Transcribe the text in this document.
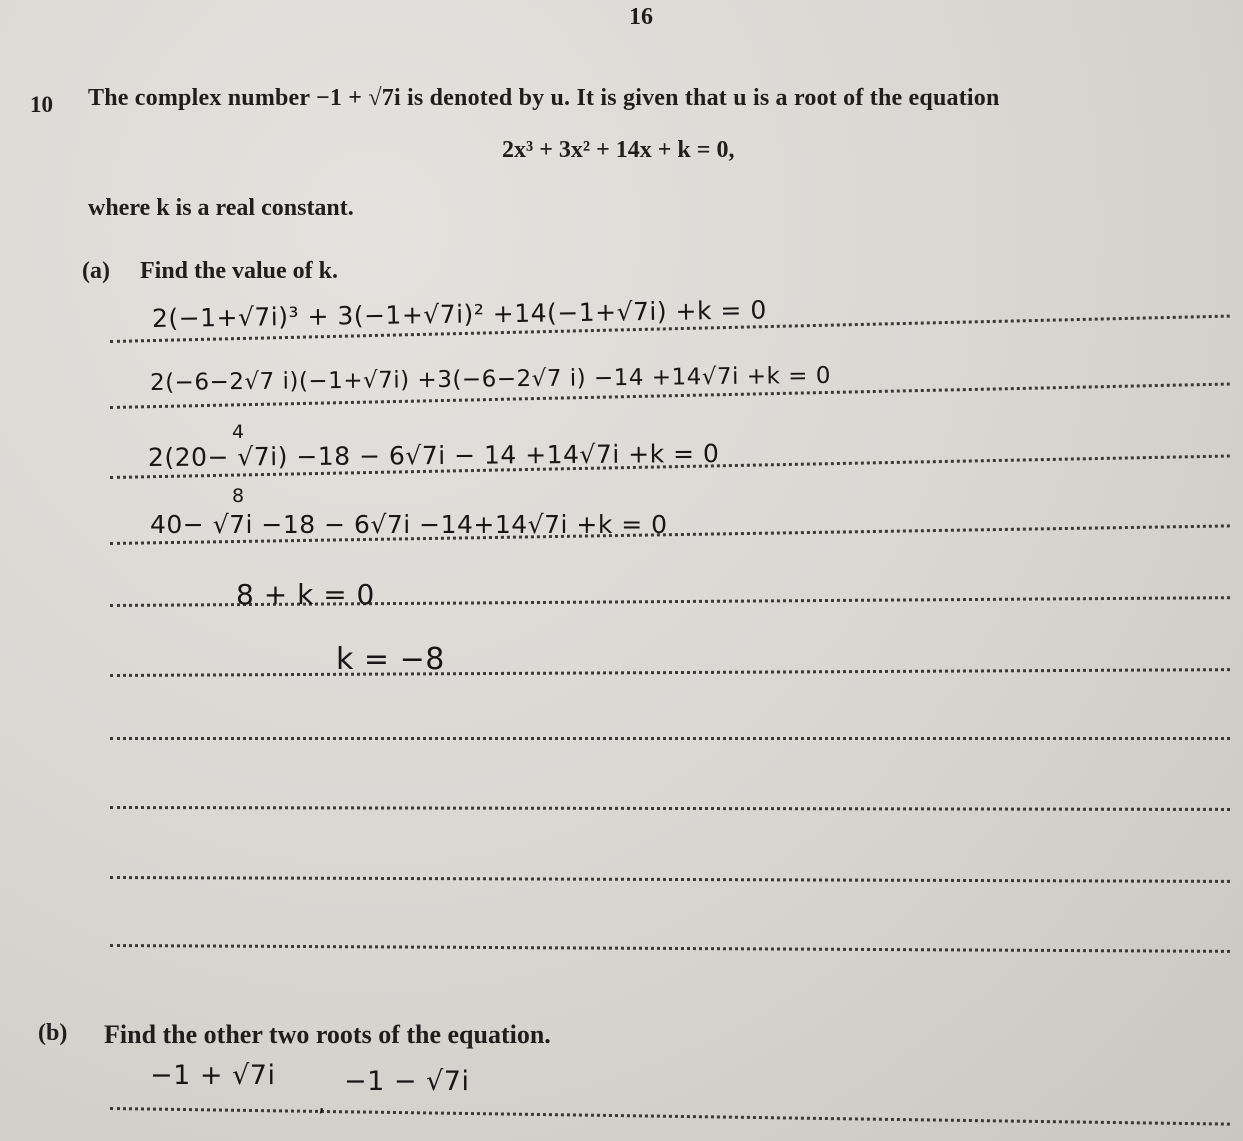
16
10 The complex number −1 + √7i is denoted by u. It is given that u is a root of the equation
2x³ + 3x² + 14x + k = 0,
where k is a real constant.
(a) Find the value of k.
2(−1+√7i)³ + 3(−1+√7i)² +14(−1+√7i) +k = 0
2(−6−2√7 i)(−1+√7i) +3(−6−2√7 i) −14 +14√7i +k = 0
4
2(20− √7i) −18 − 6√7i − 14 +14√7i +k = 0
8
40− √7i −18 − 6√7i −14+14√7i +k = 0
8 + k = 0
k = −8
(b) Find the other two roots of the equation.
−1 + √7i
,
−1 − √7i
